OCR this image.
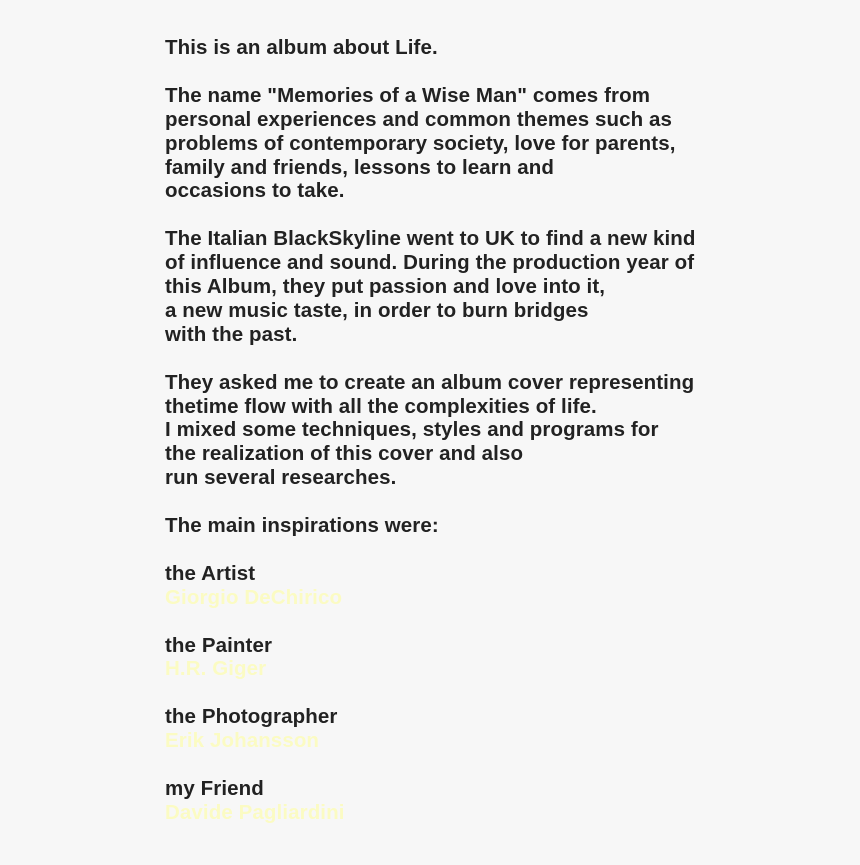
This is an album about Life.
The name "Memories of a Wise Man" comes from
personal experiences and common themes such as
problems of contemporary society, love for parents,
family and friends, lessons to learn and
occasions to take.
The Italian BlackSkyline went to UK to find a new kind
of influence and sound. During the production year of
this Album, they put passion and love into it,
a new music taste, in order to burn bridges
with the past.
They asked me to create an album cover representing
thetime flow with all the complexities of life.
I mixed some techniques, styles and programs for
the realization of this cover and also
run several researches.
The main inspirations were:
the Artist
Giorgio DeChirico
the Painter
H.R. Giger
the Photographer
Erik Johansson
my Friend
Davide Pagliardini
